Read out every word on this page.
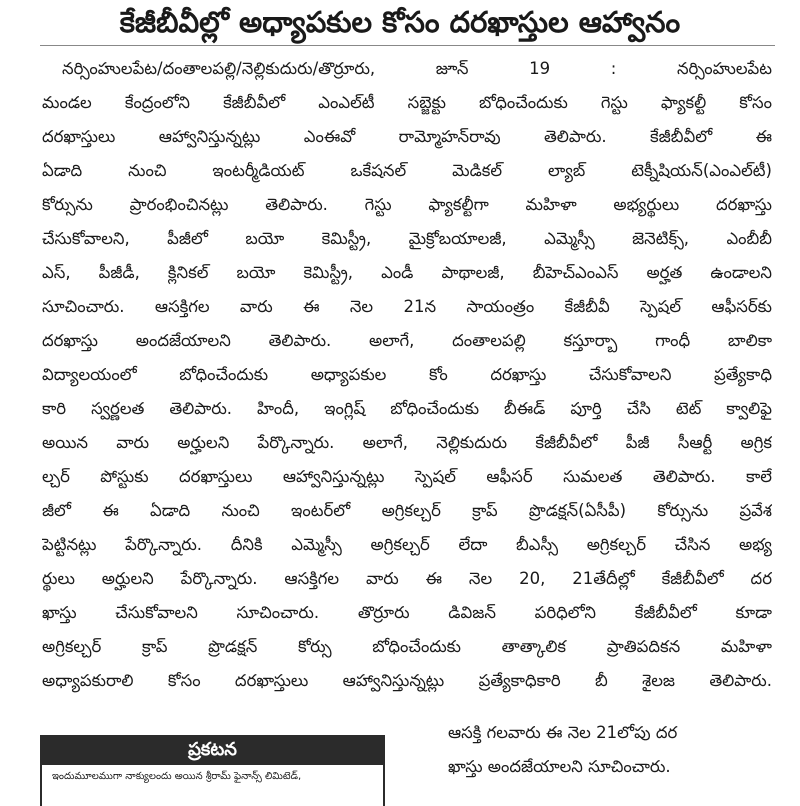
కేజీబీవీల్లో అధ్యాపకుల కోసం దరఖాస్తుల ఆహ్వానం
నర్సింహులపేట/దంతాలపల్లి/నెల్లికుదురు/తొర్రూరు, జూన్ 19 : నర్సింహులపేట
మండల కేంద్రంలోని కేజీబీవీలో ఎంఎల్‌టీ సబ్జెక్టు బోధించేందుకు గెస్టు ఫ్యాకల్టీ కోసం
దరఖాస్తులు ఆహ్వానిస్తున్నట్లు ఎంఈవో రామ్మోహన్‌రావు తెలిపారు. కేజీబీవీలో ఈ
ఏడాది నుంచి ఇంటర్మీడియట్ ఒకేషనల్ మెడికల్ ల్యాబ్ టెక్నీషియన్(ఎంఎల్‌టీ)
కోర్సును ప్రారంభించినట్లు తెలిపారు. గెస్టు ఫ్యాకల్టీగా మహిళా అభ్యర్థులు దరఖాస్తు
చేసుకోవాలని, పీజీలో బయో కెమిస్ట్రీ, మైక్రోబయాలజీ, ఎమ్మెస్సీ జెనెటిక్స్, ఎంబీబీ
ఎస్, పీజీడీ, క్లినికల్ బయో కెమిస్ట్రీ, ఎండీ పాథాలజీ, బీహెచ్ఎంఎస్ అర్హత ఉండాలని
సూచించారు. ఆసక్తిగల వారు ఈ నెల 21న సాయంత్రం కేజీబీవీ స్పెషల్ ఆఫీసర్‌కు
దరఖాస్తు అందజేయాలని తెలిపారు. అలాగే, దంతాలపల్లి కస్తూర్బా గాంధీ బాలికా
విద్యాలయంలో బోధించేందుకు అధ్యాపకుల కోం దరఖాస్తు చేసుకోవాలని ప్రత్యేకాధి
కారి స్వర్ణలత తెలిపారు. హిందీ, ఇంగ్లిష్ బోధించేందుకు బీఈడ్ పూర్తి చేసి టెట్ క్వాలిఫై
అయిన వారు అర్హులని పేర్కొన్నారు. అలాగే, నెల్లికుదురు కేజీబీవీలో పీజీ సీఆర్టీ అగ్రిక
ల్చర్ పోస్టుకు దరఖాస్తులు ఆహ్వానిస్తున్నట్లు స్పెషల్ ఆఫీసర్ సుమలత తెలిపారు. కాలే
జీలో ఈ ఏడాది నుంచి ఇంటర్‌లో అగ్రికల్చర్ క్రాప్ ప్రొడక్షన్(ఏసీపీ) కోర్సును ప్రవేశ
పెట్టినట్లు పేర్కొన్నారు. దీనికి ఎమ్మెస్సీ అగ్రికల్చర్ లేదా బీఎస్సీ అగ్రికల్చర్ చేసిన అభ్య
ర్థులు అర్హులని పేర్కొన్నారు. ఆసక్తిగల వారు ఈ నెల 20, 21తేదీల్లో కేజీబీవీలో దర
ఖాస్తు చేసుకోవాలని సూచించారు. తొర్రూరు డివిజన్ పరిధిలోని కేజీబీవీలో కూడా
అగ్రికల్చర్ క్రాప్ ప్రొడక్షన్ కోర్సు బోధించేందుకు తాత్కాలిక ప్రాతిపదికన మహిళా
అధ్యాపకురాలి కోసం దరఖాస్తులు ఆహ్వానిస్తున్నట్లు ప్రత్యేకాధికారి బీ శైలజ తెలిపారు.
ఆసక్తి గలవారు ఈ నెల 21లోపు దర
ఖాస్తు అందజేయాలని సూచించారు.
ప్రకటన
ఇందుమూలముగా నాక్యులందు అయిన శ్రీరామ్ ఫైనాన్స్ లిమిటెడ్,
